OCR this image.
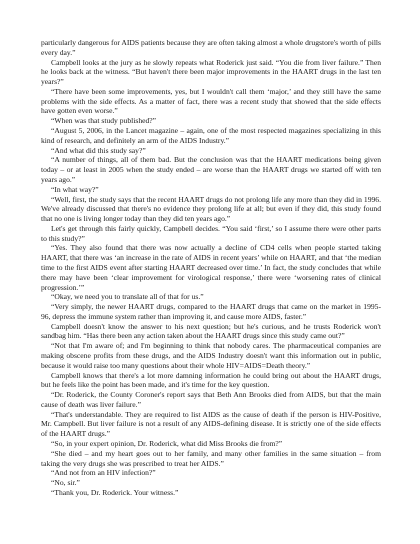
particularly dangerous for AIDS patients because they are often taking almost a whole drugstore's worth of pills every day.”

Campbell looks at the jury as he slowly repeats what Roderick just said. “You die from liver failure.” Then he looks back at the witness. “But haven't there been major improvements in the HAART drugs in the last ten years?”

“There have been some improvements, yes, but I wouldn't call them ‘major,’ and they still have the same problems with the side effects. As a matter of fact, there was a recent study that showed that the side effects have gotten even worse.”

“When was that study published?”

“August 5, 2006, in the Lancet magazine – again, one of the most respected magazines specializing in this kind of research, and definitely an arm of the AIDS Industry.”

“And what did this study say?”

“A number of things, all of them bad. But the conclusion was that the HAART medications being given today – or at least in 2005 when the study ended – are worse than the HAART drugs we started off with ten years ago.”

“In what way?”

“Well, first, the study says that the recent HAART drugs do not prolong life any more than they did in 1996. We've already discussed that there's no evidence they prolong life at all; but even if they did, this study found that no one is living longer today than they did ten years ago.”

Let's get through this fairly quickly, Campbell decides. “You said ‘first,’ so I assume there were other parts to this study?”

“Yes. They also found that there was now actually a decline of CD4 cells when people started taking HAART, that there was ‘an increase in the rate of AIDS in recent years’ while on HAART, and that ‘the median time to the first AIDS event after starting HAART decreased over time.’ In fact, the study concludes that while there may have been ‘clear improvement for virological response,’ there were ‘worsening rates of clinical progression.’”

“Okay, we need you to translate all of that for us.”

“Very simply, the newer HAART drugs, compared to the HAART drugs that came on the market in 1995-96, depress the immune system rather than improving it, and cause more AIDS, faster.”

Campbell doesn't know the answer to his next question; but he's curious, and he trusts Roderick won't sandbag him. “Has there been any action taken about the HAART drugs since this study came out?”

“Not that I'm aware of; and I'm beginning to think that nobody cares. The pharmaceutical companies are making obscene profits from these drugs, and the AIDS Industry doesn't want this information out in public, because it would raise too many questions about their whole HIV=AIDS=Death theory.”

Campbell knows that there's a lot more damning information he could bring out about the HAART drugs, but he feels like the point has been made, and it's time for the key question.

“Dr. Roderick, the County Coroner's report says that Beth Ann Brooks died from AIDS, but that the main cause of death was liver failure.”

“That's understandable. They are required to list AIDS as the cause of death if the person is HIV-Positive, Mr. Campbell. But liver failure is not a result of any AIDS-defining disease. It is strictly one of the side effects of the HAART drugs.”

“So, in your expert opinion, Dr. Roderick, what did Miss Brooks die from?”

“She died – and my heart goes out to her family, and many other families in the same situation – from taking the very drugs she was prescribed to treat her AIDS.”

“And not from an HIV infection?”

“No, sir.”

“Thank you, Dr. Roderick. Your witness.”
